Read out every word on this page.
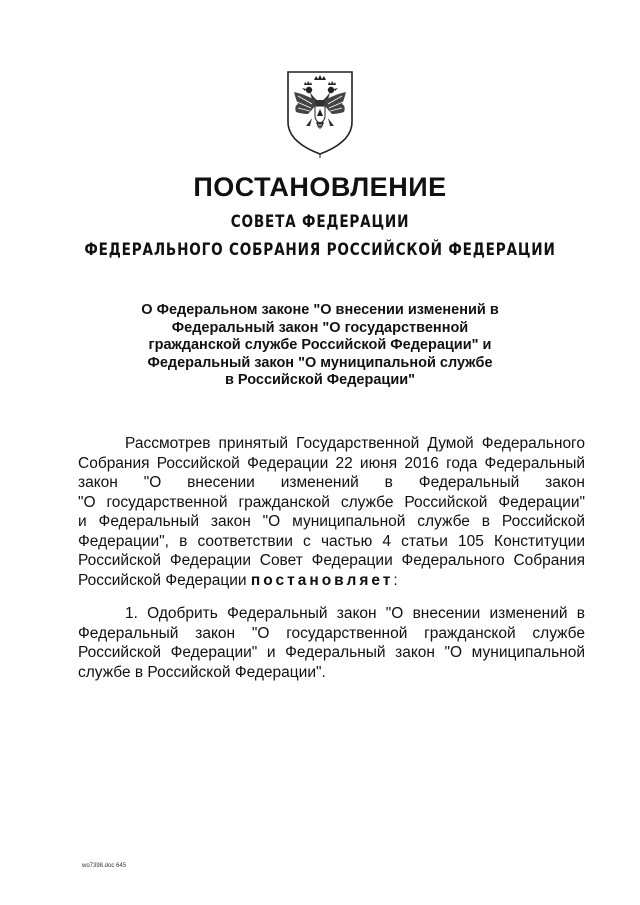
ПОСТАНОВЛЕНИЕ
СОВЕТА ФЕДЕРАЦИИ
ФЕДЕРАЛЬНОГО СОБРАНИЯ РОССИЙСКОЙ ФЕДЕРАЦИИ
О Федеральном законе "О внесении изменений в
Федеральный закон "О государственной
гражданской службе Российской Федерации" и
Федеральный закон "О муниципальной службе
в Российской Федерации"
Рассмотрев принятый Государственной Думой Федерального
Собрания Российской Федерации 22 июня 2016 года Федеральный
закон "О внесении изменений в Федеральный закон
"О государственной гражданской службе Российской Федерации"
и Федеральный закон "О муниципальной службе в Российской
Федерации", в соответствии с частью 4 статьи 105 Конституции
Российской Федерации Совет Федерации Федерального Собрания
Российской Федерации постановляет:
1. Одобрить Федеральный закон "О внесении изменений в
Федеральный закон "О государственной гражданской службе
Российской Федерации" и Федеральный закон "О муниципальной
службе в Российской Федерации".
wo7398.doc 645
